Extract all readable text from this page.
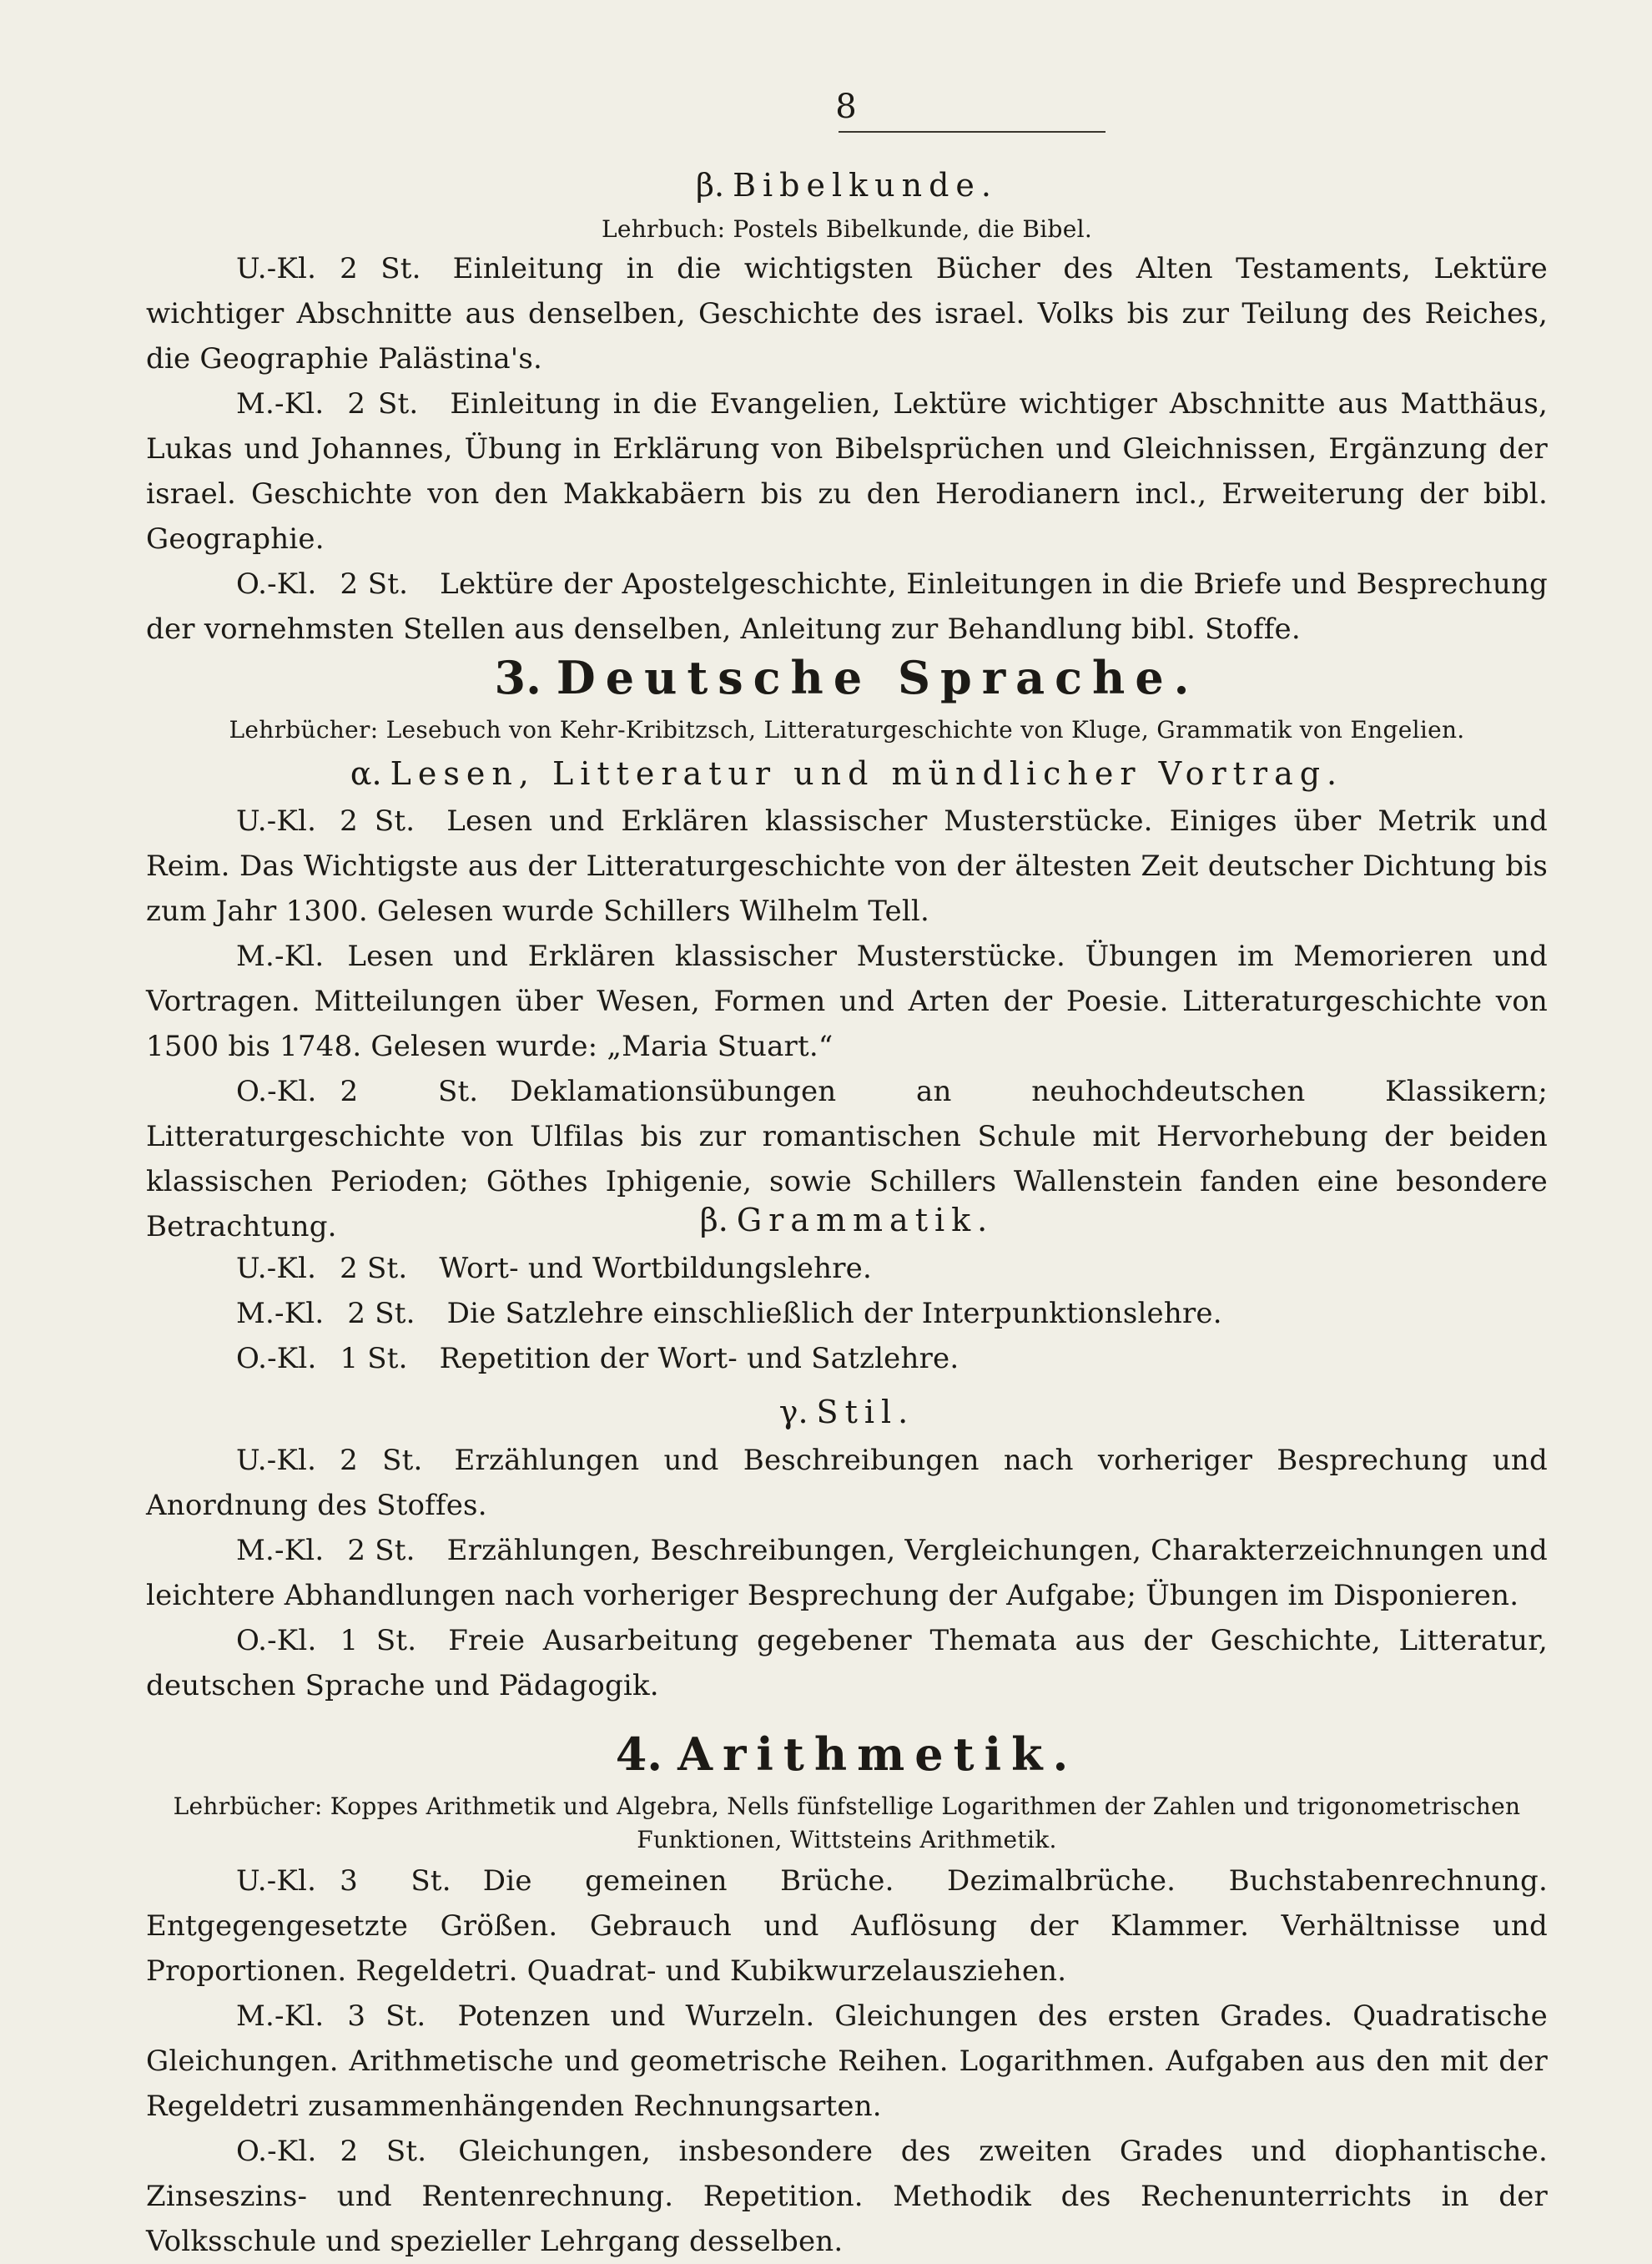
8
β. Bibelkunde.
Lehrbuch: Postels Bibelkunde, die Bibel.
U.-Kl. 2 St. Einleitung in die wichtigsten Bücher des Alten Testaments, Lektüre wichtiger Abschnitte aus denselben, Geschichte des israel. Volks bis zur Teilung des Reiches, die Geographie Palästina's.
M.-Kl. 2 St. Einleitung in die Evangelien, Lektüre wichtiger Abschnitte aus Matthäus, Lukas und Johannes, Übung in Erklärung von Bibelsprüchen und Gleichnissen, Ergänzung der israel. Geschichte von den Makkabäern bis zu den Herodianern incl., Erweiterung der bibl. Geographie.
O.-Kl. 2 St. Lektüre der Apostelgeschichte, Einleitungen in die Briefe und Besprechung der vornehmsten Stellen aus denselben, Anleitung zur Behandlung bibl. Stoffe.
3. Deutsche Sprache.
Lehrbücher: Lesebuch von Kehr-Kribitzsch, Litteraturgeschichte von Kluge, Grammatik von Engelien.
α. Lesen, Litteratur und mündlicher Vortrag.
U.-Kl. 2 St. Lesen und Erklären klassischer Musterstücke. Einiges über Metrik und Reim. Das Wichtigste aus der Litteraturgeschichte von der ältesten Zeit deutscher Dichtung bis zum Jahr 1300. Gelesen wurde Schillers Wilhelm Tell.
M.-Kl. Lesen und Erklären klassischer Musterstücke. Übungen im Memorieren und Vortragen. Mitteilungen über Wesen, Formen und Arten der Poesie. Litteraturgeschichte von 1500 bis 1748. Gelesen wurde: „Maria Stuart.“
O.-Kl. 2 St. Deklamationsübungen an neuhochdeutschen Klassikern; Litteraturgeschichte von Ulfilas bis zur romantischen Schule mit Hervorhebung der beiden klassischen Perioden; Göthes Iphigenie, sowie Schillers Wallenstein fanden eine besondere Betrachtung.	β. Grammatik.
U.-Kl. 2 St. Wort- und Wortbildungslehre.
M.-Kl. 2 St. Die Satzlehre einschließlich der Interpunktionslehre.
O.-Kl. 1 St. Repetition der Wort- und Satzlehre.
γ. Stil.
U.-Kl. 2 St. Erzählungen und Beschreibungen nach vorheriger Besprechung und Anordnung des Stoffes.
M.-Kl. 2 St. Erzählungen, Beschreibungen, Vergleichungen, Charakterzeichnungen und leichtere Abhandlungen nach vorheriger Besprechung der Aufgabe; Übungen im Disponieren.
O.-Kl. 1 St. Freie Ausarbeitung gegebener Themata aus der Geschichte, Litteratur, deutschen Sprache und Pädagogik.
4. Arithmetik.
Lehrbücher: Koppes Arithmetik und Algebra, Nells fünfstellige Logarithmen der Zahlen und trigonometrischen
Funktionen, Wittsteins Arithmetik.
U.-Kl. 3 St. Die gemeinen Brüche. Dezimalbrüche. Buchstabenrechnung. Entgegengesetzte Größen. Gebrauch und Auflösung der Klammer. Verhältnisse und Proportionen. Regeldetri. Quadrat- und Kubikwurzelausziehen.
M.-Kl. 3 St. Potenzen und Wurzeln. Gleichungen des ersten Grades. Quadratische Gleichungen. Arithmetische und geometrische Reihen. Logarithmen. Aufgaben aus den mit der Regeldetri zusammenhängenden Rechnungsarten.
O.-Kl. 2 St. Gleichungen, insbesondere des zweiten Grades und diophantische. Zinseszins- und Rentenrechnung. Repetition. Methodik des Rechenunterrichts in der Volksschule und spezieller Lehrgang desselben.
